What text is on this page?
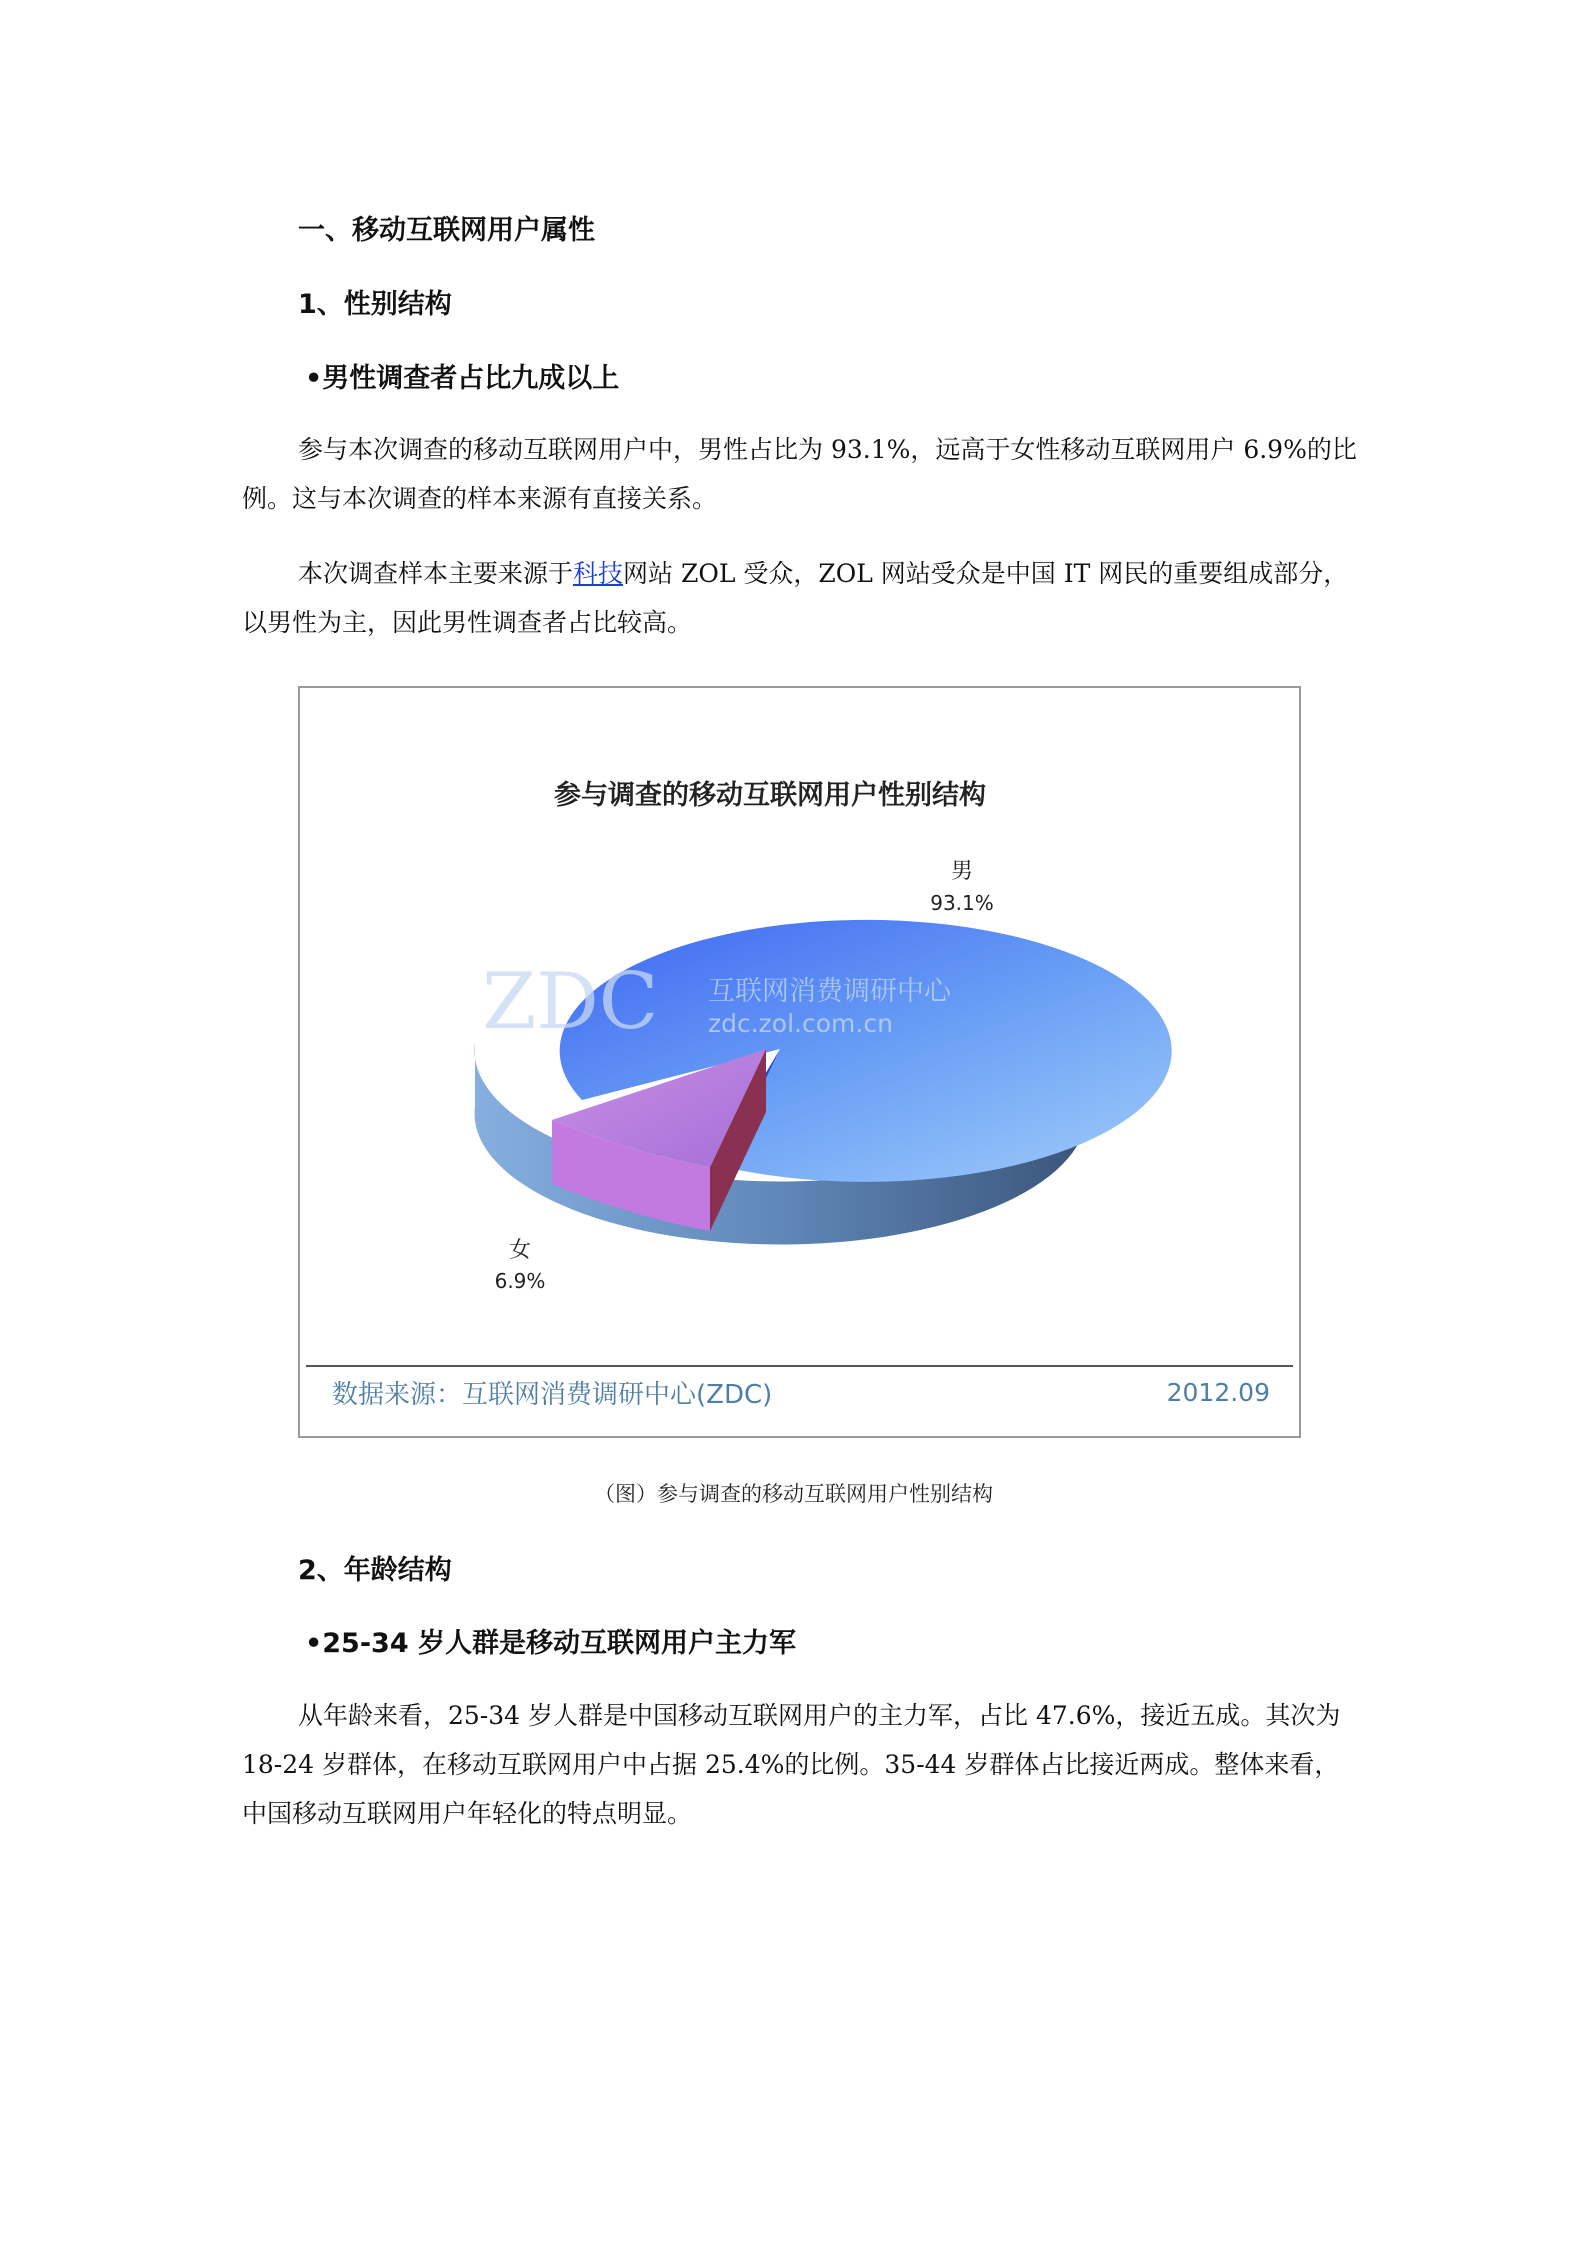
一、移动互联网用户属性
1、性别结构
•男性调查者占比九成以上
参与本次调查的移动互联网用户中，男性占比为 93.1%，远高于女性移动互联网用户 6.9%的比例。这与本次调查的样本来源有直接关系。
本次调查样本主要来源于科技网站 ZOL 受众，ZOL 网站受众是中国 IT 网民的重要组成部分，以男性为主，因此男性调查者占比较高。
参与调查的移动互联网用户性别结构
ZDC 互联网消费调研中心
zdc.zol.com.cn
男
93.1%
女
6.9%
数据来源：互联网消费调研中心(ZDC)	2012.09
（图）参与调查的移动互联网用户性别结构
2、年龄结构
•25-34 岁人群是移动互联网用户主力军
从年龄来看，25-34 岁人群是中国移动互联网用户的主力军，占比 47.6%，接近五成。其次为 18-24 岁群体，在移动互联网用户中占据 25.4%的比例。35-44 岁群体占比接近两成。整体来看，中国移动互联网用户年轻化的特点明显。
